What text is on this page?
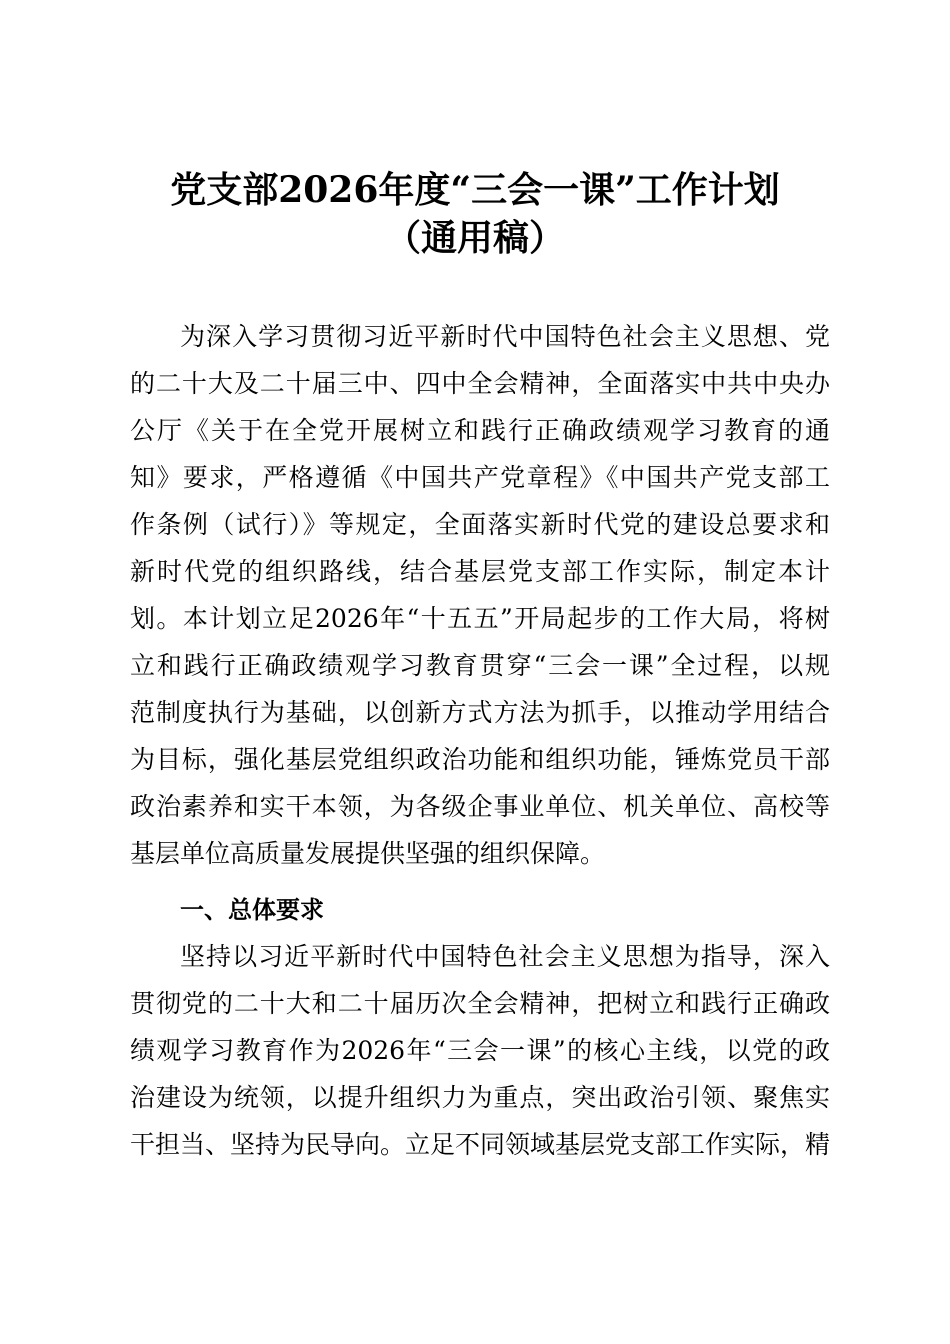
党支部2026年度“三会一课”工作计划
（通用稿）
为深入学习贯彻习近平新时代中国特色社会主义思想、党
的二十大及二十届三中、四中全会精神，全面落实中共中央办
公厅《关于在全党开展树立和践行正确政绩观学习教育的通
知》要求，严格遵循《中国共产党章程》《中国共产党支部工
作条例（试行）》等规定，全面落实新时代党的建设总要求和
新时代党的组织路线，结合基层党支部工作实际，制定本计
划。本计划立足2026年“十五五”开局起步的工作大局，将树
立和践行正确政绩观学习教育贯穿“三会一课”全过程，以规
范制度执行为基础，以创新方式方法为抓手，以推动学用结合
为目标，强化基层党组织政治功能和组织功能，锤炼党员干部
政治素养和实干本领，为各级企事业单位、机关单位、高校等
基层单位高质量发展提供坚强的组织保障。
一、总体要求
坚持以习近平新时代中国特色社会主义思想为指导，深入
贯彻党的二十大和二十届历次全会精神，把树立和践行正确政
绩观学习教育作为2026年“三会一课”的核心主线，以党的政
治建设为统领，以提升组织力为重点，突出政治引领、聚焦实
干担当、坚持为民导向。立足不同领域基层党支部工作实际，精
